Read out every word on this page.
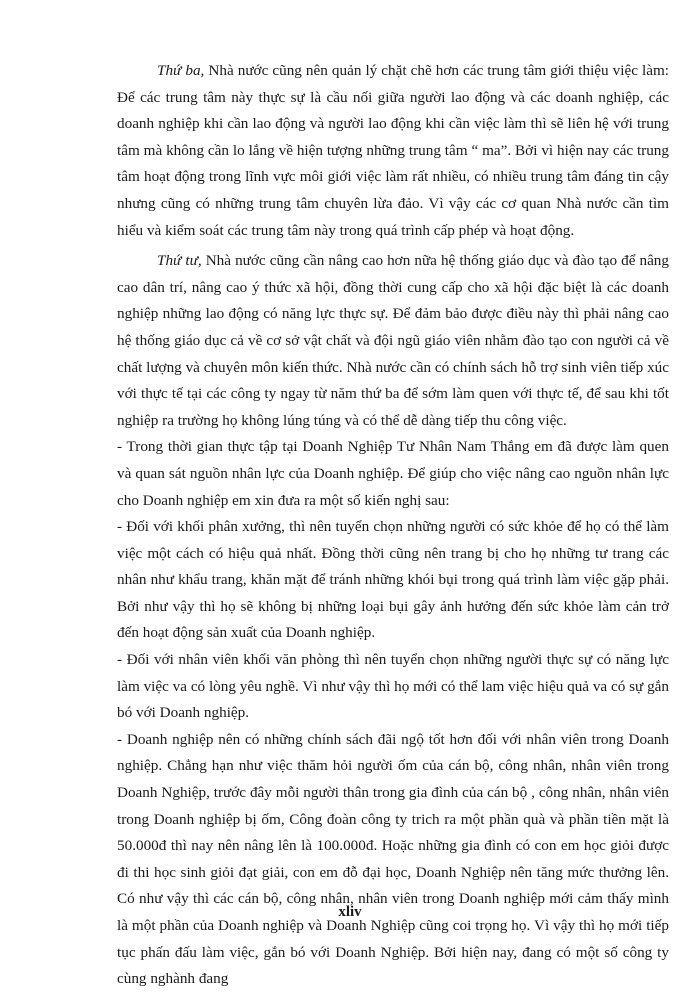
Thứ ba, Nhà nước cũng nên quản lý chặt chẽ hơn các trung tâm giới thiệu việc làm: Để các trung tâm này thực sự là cầu nối giữa người lao động và các doanh nghiệp, các doanh nghiệp khi cần lao động và người lao động khi cần việc làm thì sẽ liên hệ với trung tâm mà không cần lo lắng về hiện tượng những trung tâm “ ma”. Bởi vì hiện nay các trung tâm hoạt động trong lĩnh vực môi giới việc làm rất nhiều, có nhiều trung tâm đáng tin cậy nhưng cũng có những trung tâm chuyên lừa đảo. Vì vậy các cơ quan Nhà nước cần tìm hiểu và kiểm soát các trung tâm này trong quá trình cấp phép và hoạt động.

Thứ tư, Nhà nước cũng cần nâng cao hơn nữa hệ thống giáo dục và đào tạo để nâng cao dân trí, nâng cao ý thức xã hội, đồng thời cung cấp cho xã hội đặc biệt là các doanh nghiệp những lao động có năng lực thực sự. Để đảm bảo được điều này thì phải nâng cao hệ thống giáo dục cả về cơ sở vật chất và đội ngũ giáo viên nhằm đào tạo con người cả về chất lượng và chuyên môn kiến thức. Nhà nước cần có chính sách hỗ trợ sinh viên tiếp xúc với thực tế tại các công ty ngay từ năm thứ ba để sớm làm quen với thực tế, để sau khi tốt nghiệp ra trường họ không lúng túng và có thể dễ dàng tiếp thu công việc.

- Trong thời gian thực tập tại Doanh Nghiệp Tư Nhân Nam Thắng em đã được làm quen và quan sát nguồn nhân lực của Doanh nghiệp. Để giúp cho việc nâng cao nguồn nhân lực cho Doanh nghiệp em xin đưa ra một số kiến nghị sau:

- Đối với khối phân xưởng, thì nên tuyển chọn những người có sức khỏe để họ có thể làm việc một cách có hiệu quả nhất. Đồng thời cũng nên trang bị cho họ những tư trang các nhân như khẩu trang, khăn mặt để tránh những khói bụi trong quá trình làm việc gặp phải. Bởi như vậy thì họ sẽ không bị những loại bụi gây ảnh hưởng đến sức khỏe làm cản trở đến hoạt động sản xuất của Doanh nghiệp.

- Đối với nhân viên khối văn phòng thì nên tuyển chọn những người thực sự có năng lực làm việc va có lòng yêu nghề. Vì như vậy thì họ mới có thể lam việc hiệu quả va có sự gắn bó với Doanh nghiệp.

- Doanh nghiệp nên có những chính sách đãi ngộ tốt hơn đối với nhân viên trong Doanh nghiệp. Chẳng hạn như việc thăm hỏi người ốm của cán bộ, công nhân, nhân viên trong Doanh Nghiệp, trước đây mỗi người thân trong gia đình của cán bộ , công nhân, nhân viên trong Doanh nghiệp bị ốm, Công đoàn công ty trich ra một phần quà và phần tiền mặt là 50.000đ thì nay nên nâng lên là 100.000đ. Hoặc những gia đình có con em học giỏi được đi thi học sinh giỏi đạt giải, con em đỗ đại học, Doanh Nghiệp nên tăng mức thưởng lên. Có như vậy thì các cán bộ, công nhân, nhân viên trong Doanh nghiệp mới cảm thấy mình là một phần của Doanh nghiệp và Doanh Nghiệp cũng coi trọng họ. Vì vậy thì họ mới tiếp tục phấn đấu làm việc, gắn bó với Doanh Nghiệp. Bởi hiện nay, đang có một số công ty cùng nghành đang

xliv
